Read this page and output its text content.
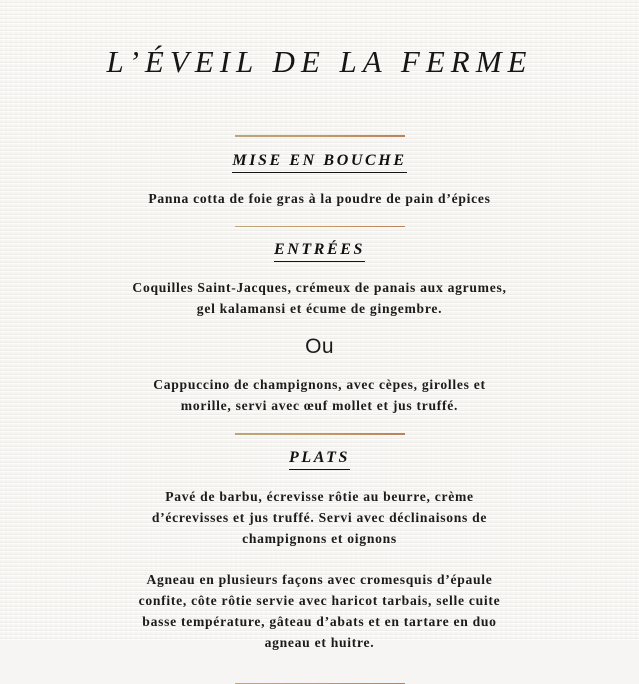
L’ÉVEIL DE LA FERME
MISE EN BOUCHE

Panna cotta de foie gras à la poudre de pain d’épices

ENTRÉES

Coquilles Saint-Jacques, crémeux de panais aux agrumes,
gel kalamansi et écume de gingembre.

Ou

Cappuccino de champignons, avec cèpes, girolles et
morille, servi avec œuf mollet et jus truffé.

PLATS

Pavé de barbu, écrevisse rôtie au beurre, crème
d’écrevisses et jus truffé. Servi avec déclinaisons de
champignons et oignons

Agneau en plusieurs façons avec cromesquis d’épaule
confite, côte rôtie servie avec haricot tarbais, selle cuite
basse température, gâteau d’abats et en tartare en duo
agneau et huitre.
